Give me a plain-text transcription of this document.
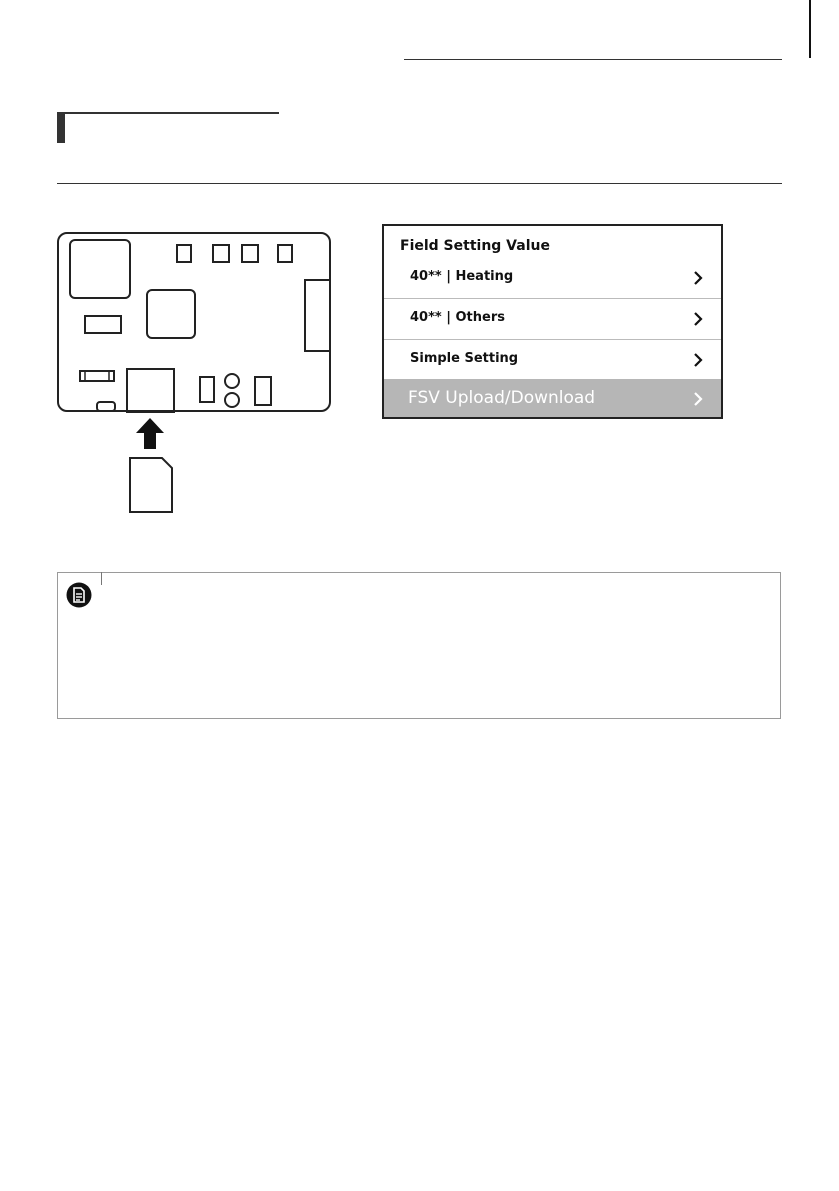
Field Setting Value
40** | Heating
40** | Others
Simple Setting
FSV Upload/Download
